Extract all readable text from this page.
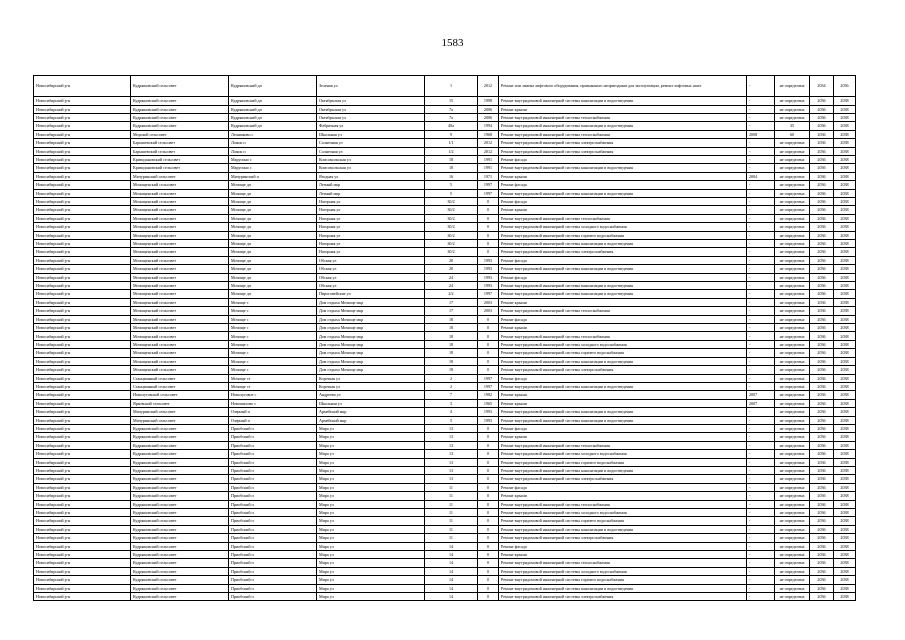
1583
Новосибирский р-н	Кудряшовский сельсовет	Кудряшовский дп	Зеленая ул	1	2012	Ремонт или замена лифтового оборудования, признанного непригодным для эксплуатации, ремонт лифтовых шахт	-	не определена	2034	2036
Новосибирский р-н	Кудряшовский сельсовет	Кудряшовский дп	Октябрьская ул	15	1998	Ремонт внутридомовой инженерной системы канализации и водоотведения	-	не определена	2036	2038
Новосибирский р-н	Кудряшовский сельсовет	Кудряшовский дп	Октябрьская ул	7а	2006	Ремонт крыши	-	не определена	2036	2038
Новосибирский р-н	Кудряшовский сельсовет	Кудряшовский дп	Октябрьская ул	7а	2006	Ремонт внутридомовой инженерной системы теплоснабжения	-	не определена	2036	2038
Новосибирский р-н	Кудряшовский сельсовет	Кудряшовский дп	Фабричная ул	40а	1994	Ремонт внутридомовой инженерной системы канализации и водоотведения	-	35	2036	2038
Новосибирский р-н	Морской сельсовет	Лешиаково с	Школьная ул	9	1968	Ремонт внутридомовой инженерной системы теплоснабжения	2008	60	2036	2038
Новосибирский р-н	Барышевский сельсовет	Ложок п	Солнечная ул	1/1	2012	Ремонт внутридомовой инженерной системы электроснабжения	-	не определена	2036	2038
Новосибирский р-н	Барышевский сельсовет	Ложок п	Солнечная ул	1/2	2012	Ремонт внутридомовой инженерной системы электроснабжения	-	не определена	2036	2038
Новосибирский р-н	Криводановский сельсовет	Марусино с	Комсомольская ул	18	1991	Ремонт фасада	-	не определена	2036	2038
Новосибирский р-н	Криводановский сельсовет	Марусино с	Комсомольская ул	18	1991	Ремонт внутридомовой инженерной системы канализации и водоотведения	-	не определена	2036	2038
Новосибирский р-н	Мичуринский сельсовет	Мичуринский п	Ягодная ул	16	1971	Ремонт крыши	2004	не определена	2036	2038
Новосибирский р-н	Мочищенский сельсовет	Мочище дп	Летный мкр	5	1997	Ремонт фасада	-	не определена	2036	2038
Новосибирский р-н	Мочищенский сельсовет	Мочище дп	Летный мкр	5	1997	Ремонт внутридомовой инженерной системы канализации и водоотведения	-	не определена	2036	2038
Новосибирский р-н	Мочищенский сельсовет	Мочище дп	Нагорная ул	30/2	0	Ремонт фасада	-	не определена	2036	2038
Новосибирский р-н	Мочищенский сельсовет	Мочище дп	Нагорная ул	30/2	0	Ремонт крыши	-	не определена	2036	2038
Новосибирский р-н	Мочищенский сельсовет	Мочище дп	Нагорная ул	30/2	0	Ремонт внутридомовой инженерной системы теплоснабжения	-	не определена	2036	2038
Новосибирский р-н	Мочищенский сельсовет	Мочище дп	Нагорная ул	30/2	0	Ремонт внутридомовой инженерной системы холодного водоснабжения	-	не определена	2036	2038
Новосибирский р-н	Мочищенский сельсовет	Мочище дп	Нагорная ул	30/2	0	Ремонт внутридомовой инженерной системы горячего водоснабжения	-	не определена	2036	2038
Новосибирский р-н	Мочищенский сельсовет	Мочище дп	Нагорная ул	30/2	0	Ремонт внутридомовой инженерной системы канализации и водоотведения	-	не определена	2036	2038
Новосибирский р-н	Мочищенский сельсовет	Мочище дп	Нагорная ул	30/2	0	Ремонт внутридомовой инженерной системы электроснабжения	-	не определена	2036	2038
Новосибирский р-н	Мочищенский сельсовет	Мочище дп	Обская ул	20	1993	Ремонт фасада	-	не определена	2036	2038
Новосибирский р-н	Мочищенский сельсовет	Мочище дп	Обская ул	20	1993	Ремонт внутридомовой инженерной системы канализации и водоотведения	-	не определена	2036	2038
Новосибирский р-н	Мочищенский сельсовет	Мочище дп	Обская ул	24	1993	Ремонт фасада	-	не определена	2036	2038
Новосибирский р-н	Мочищенский сельсовет	Мочище дп	Обская ул	24	1993	Ремонт внутридомовой инженерной системы канализации и водоотведения	-	не определена	2036	2038
Новосибирский р-н	Мочищенский сельсовет	Мочище дп	Пироговейские ул	2/2	1997	Ремонт внутридомовой инженерной системы канализации и водоотведения	-	не определена	2036	2038
Новосибирский р-н	Мочищенский сельсовет	Мочище с	Дом отдыха Мочище мкр	17	2003	Ремонт крыши	-	не определена	2036	2038
Новосибирский р-н	Мочищенский сельсовет	Мочище с	Дом отдыха Мочище мкр	17	2003	Ремонт внутридомовой инженерной системы теплоснабжения	-	не определена	2036	2038
Новосибирский р-н	Мочищенский сельсовет	Мочище с	Дом отдыха Мочище мкр	18	0	Ремонт фасада	-	не определена	2036	2038
Новосибирский р-н	Мочищенский сельсовет	Мочище с	Дом отдыха Мочище мкр	18	0	Ремонт крыши	-	не определена	2036	2038
Новосибирский р-н	Мочищенский сельсовет	Мочище с	Дом отдыха Мочище мкр	18	0	Ремонт внутридомовой инженерной системы теплоснабжения	-	не определена	2036	2038
Новосибирский р-н	Мочищенский сельсовет	Мочище с	Дом отдыха Мочище мкр	18	0	Ремонт внутридомовой инженерной системы холодного водоснабжения	-	не определена	2036	2038
Новосибирский р-н	Мочищенский сельсовет	Мочище с	Дом отдыха Мочище мкр	18	0	Ремонт внутридомовой инженерной системы горячего водоснабжения	-	не определена	2036	2038
Новосибирский р-н	Мочищенский сельсовет	Мочище с	Дом отдыха Мочище мкр	18	0	Ремонт внутридомовой инженерной системы канализации и водоотведения	-	не определена	2036	2038
Новосибирский р-н	Мочищенский сельсовет	Мочище с	Дом отдыха Мочище мкр	18	0	Ремонт внутридомовой инженерной системы электроснабжения	-	не определена	2036	2038
Новосибирский р-н	Станционный сельсовет	Мочище ст	Короткая ул	2	1997	Ремонт фасада	-	не определена	2036	2038
Новосибирский р-н	Станционный сельсовет	Мочище ст	Короткая ул	2	1997	Ремонт внутридомовой инженерной системы канализации и водоотведения	-	не определена	2036	2038
Новосибирский р-н	Новолуговской сельсовет	Новолуговое с	Андреева ул	7	1982	Ремонт крыши	2007	не определена	2036	2038
Новосибирский р-н	Ярковский сельсовет	Новошилово с	Школьная ул	3	1965	Ремонт крыши	2007	не определена	2036	2038
Новосибирский р-н	Мичуринский сельсовет	Озерный п	Армейский мкр	4	1993	Ремонт внутридомовой инженерной системы канализации и водоотведения	-	не определена	2036	2038
Новосибирский р-н	Мичуринский сельсовет	Озерный п	Армейский мкр	5	1993	Ремонт внутридомовой инженерной системы канализации и водоотведения	-	не определена	2036	2038
Новосибирский р-н	Кудряшовский сельсовет	Приобский п	Мира ул	13	0	Ремонт фасада	-	не определена	2036	2038
Новосибирский р-н	Кудряшовский сельсовет	Приобский п	Мира ул	13	0	Ремонт крыши	-	не определена	2036	2038
Новосибирский р-н	Кудряшовский сельсовет	Приобский п	Мира ул	13	0	Ремонт внутридомовой инженерной системы теплоснабжения	-	не определена	2036	2038
Новосибирский р-н	Кудряшовский сельсовет	Приобский п	Мира ул	13	0	Ремонт внутридомовой инженерной системы холодного водоснабжения	-	не определена	2036	2038
Новосибирский р-н	Кудряшовский сельсовет	Приобский п	Мира ул	13	0	Ремонт внутридомовой инженерной системы горячего водоснабжения	-	не определена	2036	2038
Новосибирский р-н	Кудряшовский сельсовет	Приобский п	Мира ул	13	0	Ремонт внутридомовой инженерной системы канализации и водоотведения	-	не определена	2036	2038
Новосибирский р-н	Кудряшовский сельсовет	Приобский п	Мира ул	13	0	Ремонт внутридомовой инженерной системы электроснабжения	-	не определена	2036	2038
Новосибирский р-н	Кудряшовский сельсовет	Приобский п	Мира ул	11	0	Ремонт фасада	-	не определена	2036	2038
Новосибирский р-н	Кудряшовский сельсовет	Приобский п	Мира ул	11	0	Ремонт крыши	-	не определена	2036	2038
Новосибирский р-н	Кудряшовский сельсовет	Приобский п	Мира ул	11	0	Ремонт внутридомовой инженерной системы теплоснабжения	-	не определена	2036	2038
Новосибирский р-н	Кудряшовский сельсовет	Приобский п	Мира ул	11	0	Ремонт внутридомовой инженерной системы холодного водоснабжения	-	не определена	2036	2038
Новосибирский р-н	Кудряшовский сельсовет	Приобский п	Мира ул	11	0	Ремонт внутридомовой инженерной системы горячего водоснабжения	-	не определена	2036	2038
Новосибирский р-н	Кудряшовский сельсовет	Приобский п	Мира ул	11	0	Ремонт внутридомовой инженерной системы канализации и водоотведения	-	не определена	2036	2038
Новосибирский р-н	Кудряшовский сельсовет	Приобский п	Мира ул	11	0	Ремонт внутридомовой инженерной системы электроснабжения	-	не определена	2036	2038
Новосибирский р-н	Кудряшовский сельсовет	Приобский п	Мира ул	14	0	Ремонт фасада	-	не определена	2036	2038
Новосибирский р-н	Кудряшовский сельсовет	Приобский п	Мира ул	14	0	Ремонт крыши	-	не определена	2036	2038
Новосибирский р-н	Кудряшовский сельсовет	Приобский п	Мира ул	14	0	Ремонт внутридомовой инженерной системы теплоснабжения	-	не определена	2036	2038
Новосибирский р-н	Кудряшовский сельсовет	Приобский п	Мира ул	14	0	Ремонт внутридомовой инженерной системы холодного водоснабжения	-	не определена	2036	2038
Новосибирский р-н	Кудряшовский сельсовет	Приобский п	Мира ул	14	0	Ремонт внутридомовой инженерной системы горячего водоснабжения	-	не определена	2036	2038
Новосибирский р-н	Кудряшовский сельсовет	Приобский п	Мира ул	14	0	Ремонт внутридомовой инженерной системы канализации и водоотведения	-	не определена	2036	2038
Новосибирский р-н	Кудряшовский сельсовет	Приобский п	Мира ул	14	0	Ремонт внутридомовой инженерной системы электроснабжения	-	не определена	2036	2038
